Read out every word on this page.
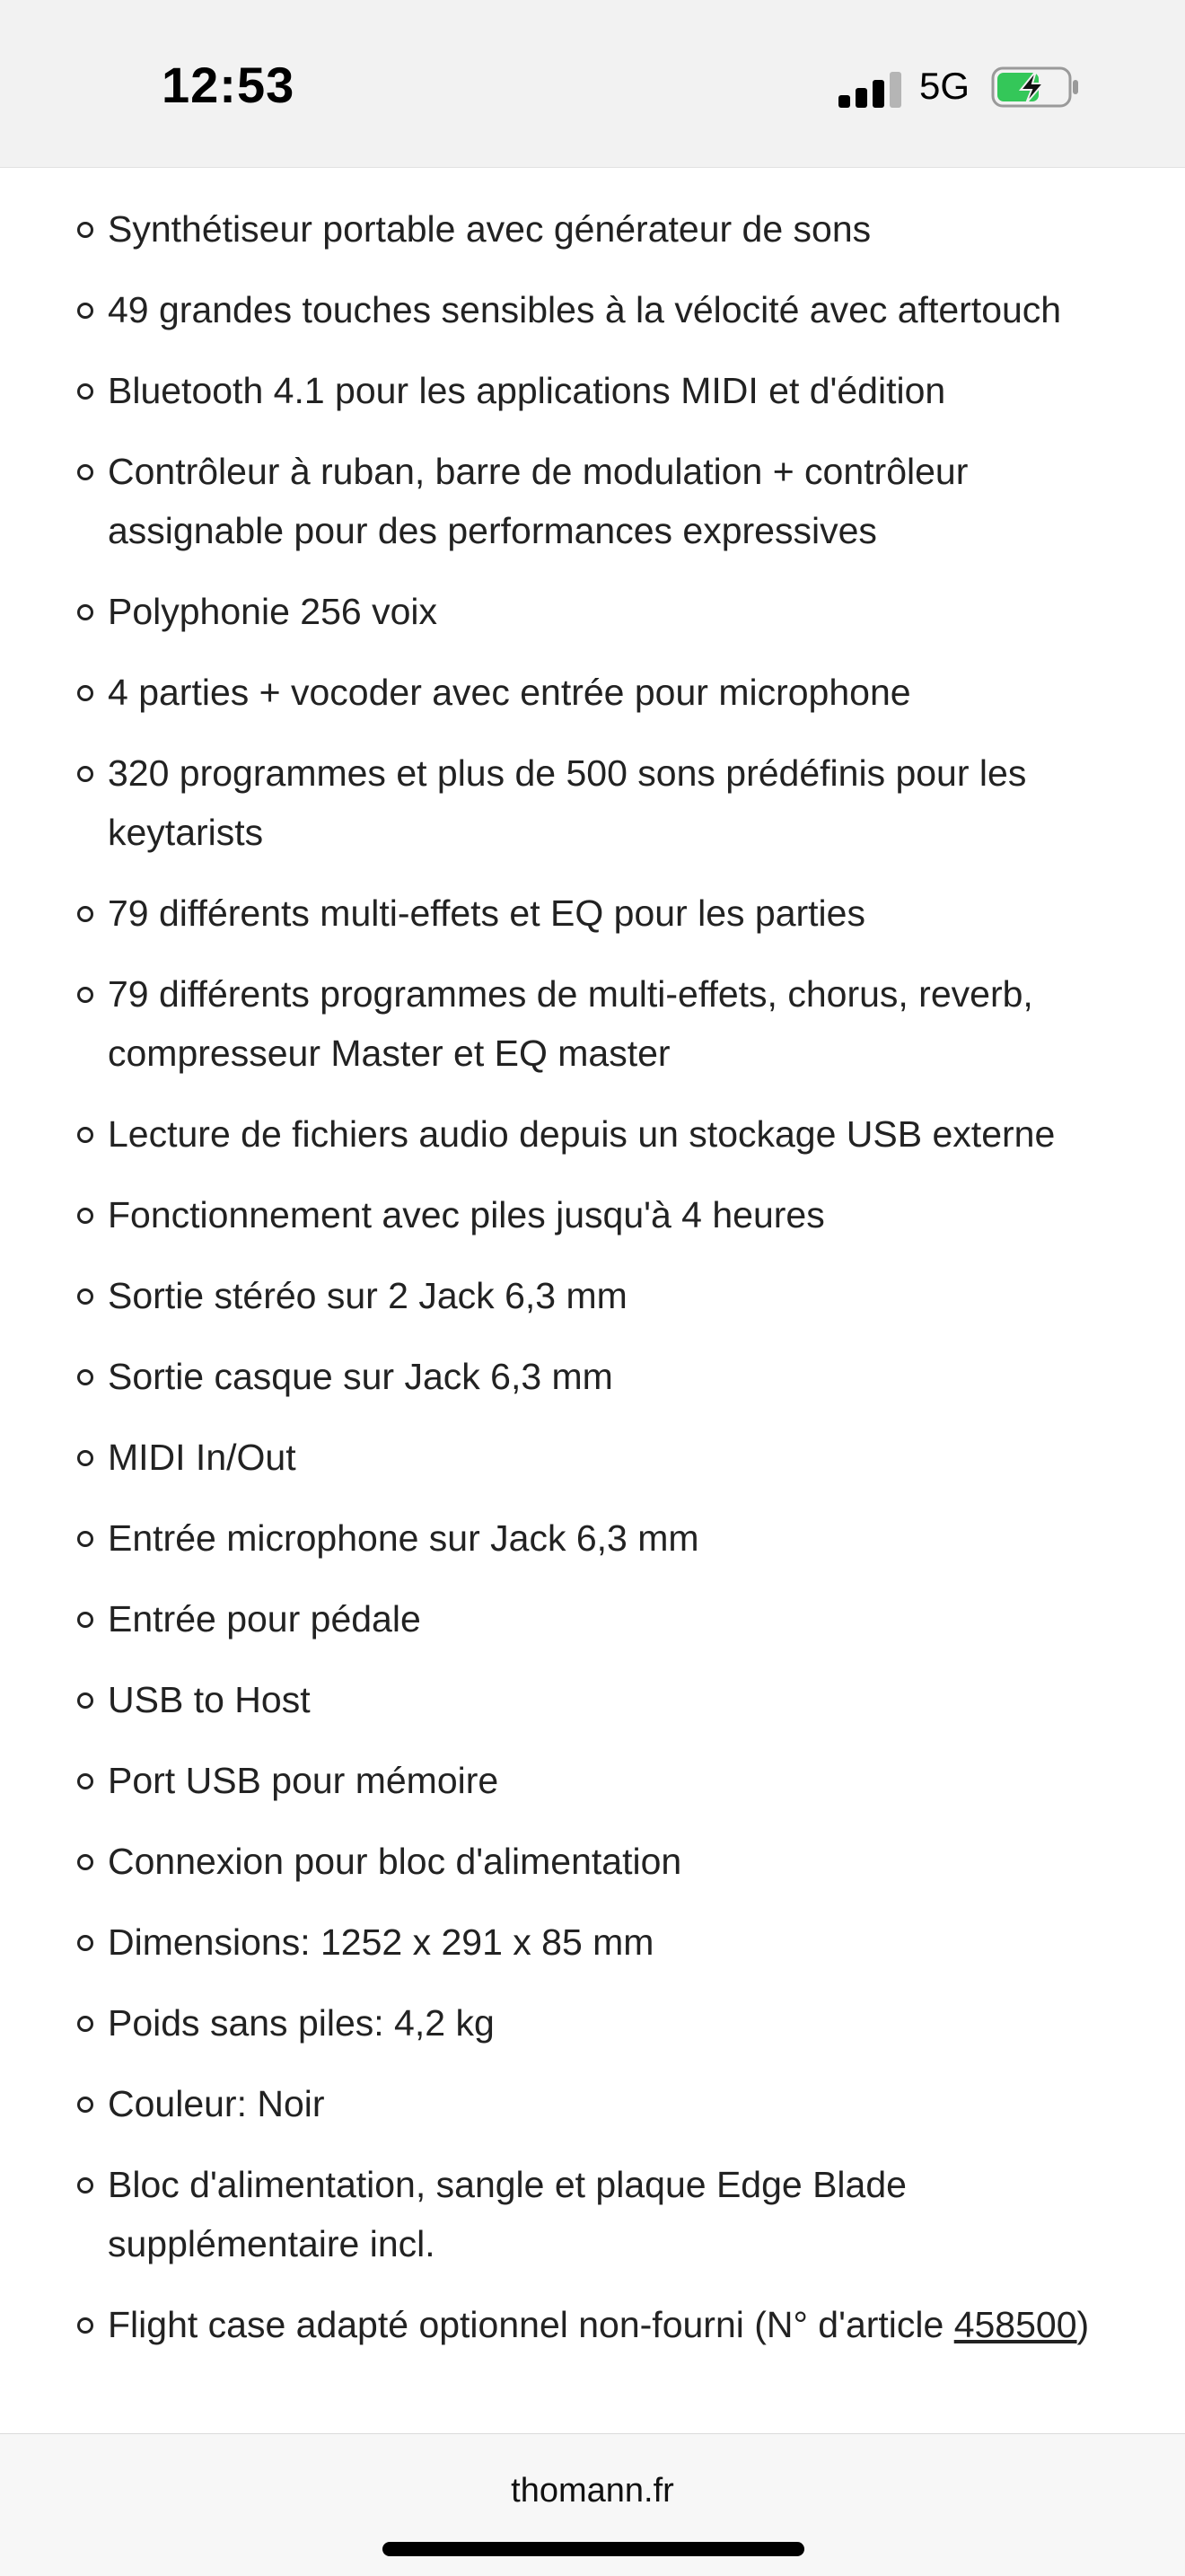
12:53	5G
Synthétiseur portable avec générateur de sons
49 grandes touches sensibles à la vélocité avec aftertouch
Bluetooth 4.1 pour les applications MIDI et d'édition
Contrôleur à ruban, barre de modulation + contrôleur assignable pour des performances expressives
Polyphonie 256 voix
4 parties + vocoder avec entrée pour microphone
320 programmes et plus de 500 sons prédéfinis pour les keytarists
79 différents multi-effets et EQ pour les parties
79 différents programmes de multi-effets, chorus, reverb, compresseur Master et EQ master
Lecture de fichiers audio depuis un stockage USB externe
Fonctionnement avec piles jusqu'à 4 heures
Sortie stéréo sur 2 Jack 6,3 mm
Sortie casque sur Jack 6,3 mm
MIDI In/Out
Entrée microphone sur Jack 6,3 mm
Entrée pour pédale
USB to Host
Port USB pour mémoire
Connexion pour bloc d'alimentation
Dimensions: 1252 x 291 x 85 mm
Poids sans piles: 4,2 kg
Couleur: Noir
Bloc d'alimentation, sangle et plaque Edge Blade supplémentaire incl.
Flight case adapté optionnel non-fourni (N° d'article 458500)
thomann.fr
